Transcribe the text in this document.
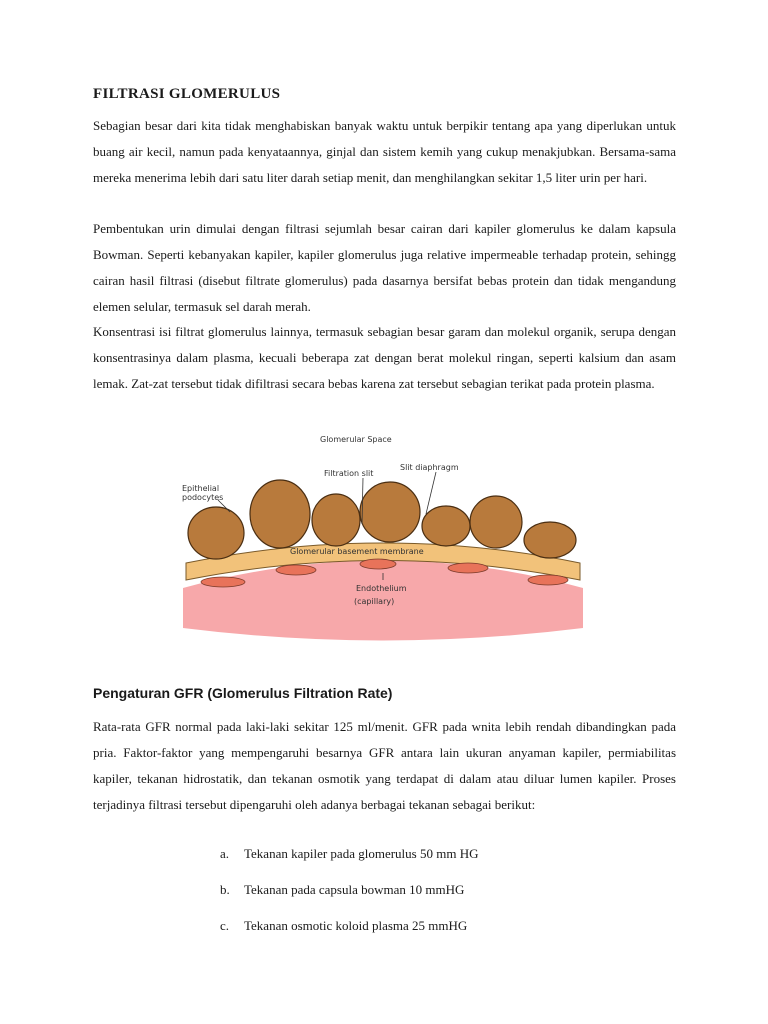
FILTRASI GLOMERULUS

Sebagian besar dari kita tidak menghabiskan banyak waktu untuk berpikir tentang apa yang diperlukan untuk buang air kecil, namun pada kenyataannya, ginjal dan sistem kemih yang cukup menakjubkan. Bersama-sama mereka menerima lebih dari satu liter darah setiap menit, dan menghilangkan sekitar 1,5 liter urin per hari.

Pembentukan urin dimulai dengan filtrasi sejumlah besar cairan dari kapiler glomerulus ke dalam kapsula Bowman. Seperti kebanyakan kapiler, kapiler glomerulus juga relative impermeable terhadap protein, sehingg cairan hasil filtrasi (disebut filtrate glomerulus) pada dasarnya bersifat bebas protein dan tidak mengandung elemen selular, termasuk sel darah merah.

Konsentrasi isi filtrat glomerulus lainnya, termasuk sebagian besar garam dan molekul organik, serupa dengan konsentrasinya dalam plasma, kecuali beberapa zat dengan berat molekul ringan, seperti kalsium dan asam lemak. Zat-zat tersebut tidak difiltrasi secara bebas karena zat tersebut sebagian terikat pada protein plasma.

Glomerular Space
Filtration slit
Slit diaphragm
Epithelial
podocytes
Glomerular basement membrane
Endothelium
(capillary)
Pengaturan GFR (Glomerulus Filtration Rate)

Rata-rata GFR normal pada laki-laki sekitar 125 ml/menit. GFR pada wnita lebih rendah dibandingkan pada pria. Faktor-faktor yang mempengaruhi besarnya GFR antara lain ukuran anyaman kapiler, permiabilitas kapiler, tekanan hidrostatik, dan tekanan osmotik yang terdapat di dalam atau diluar lumen kapiler. Proses terjadinya filtrasi tersebut dipengaruhi oleh adanya berbagai tekanan sebagai berikut:

a. Tekanan kapiler pada glomerulus 50 mm HG
b. Tekanan pada capsula bowman 10 mmHG
c. Tekanan osmotic koloid plasma 25 mmHG
